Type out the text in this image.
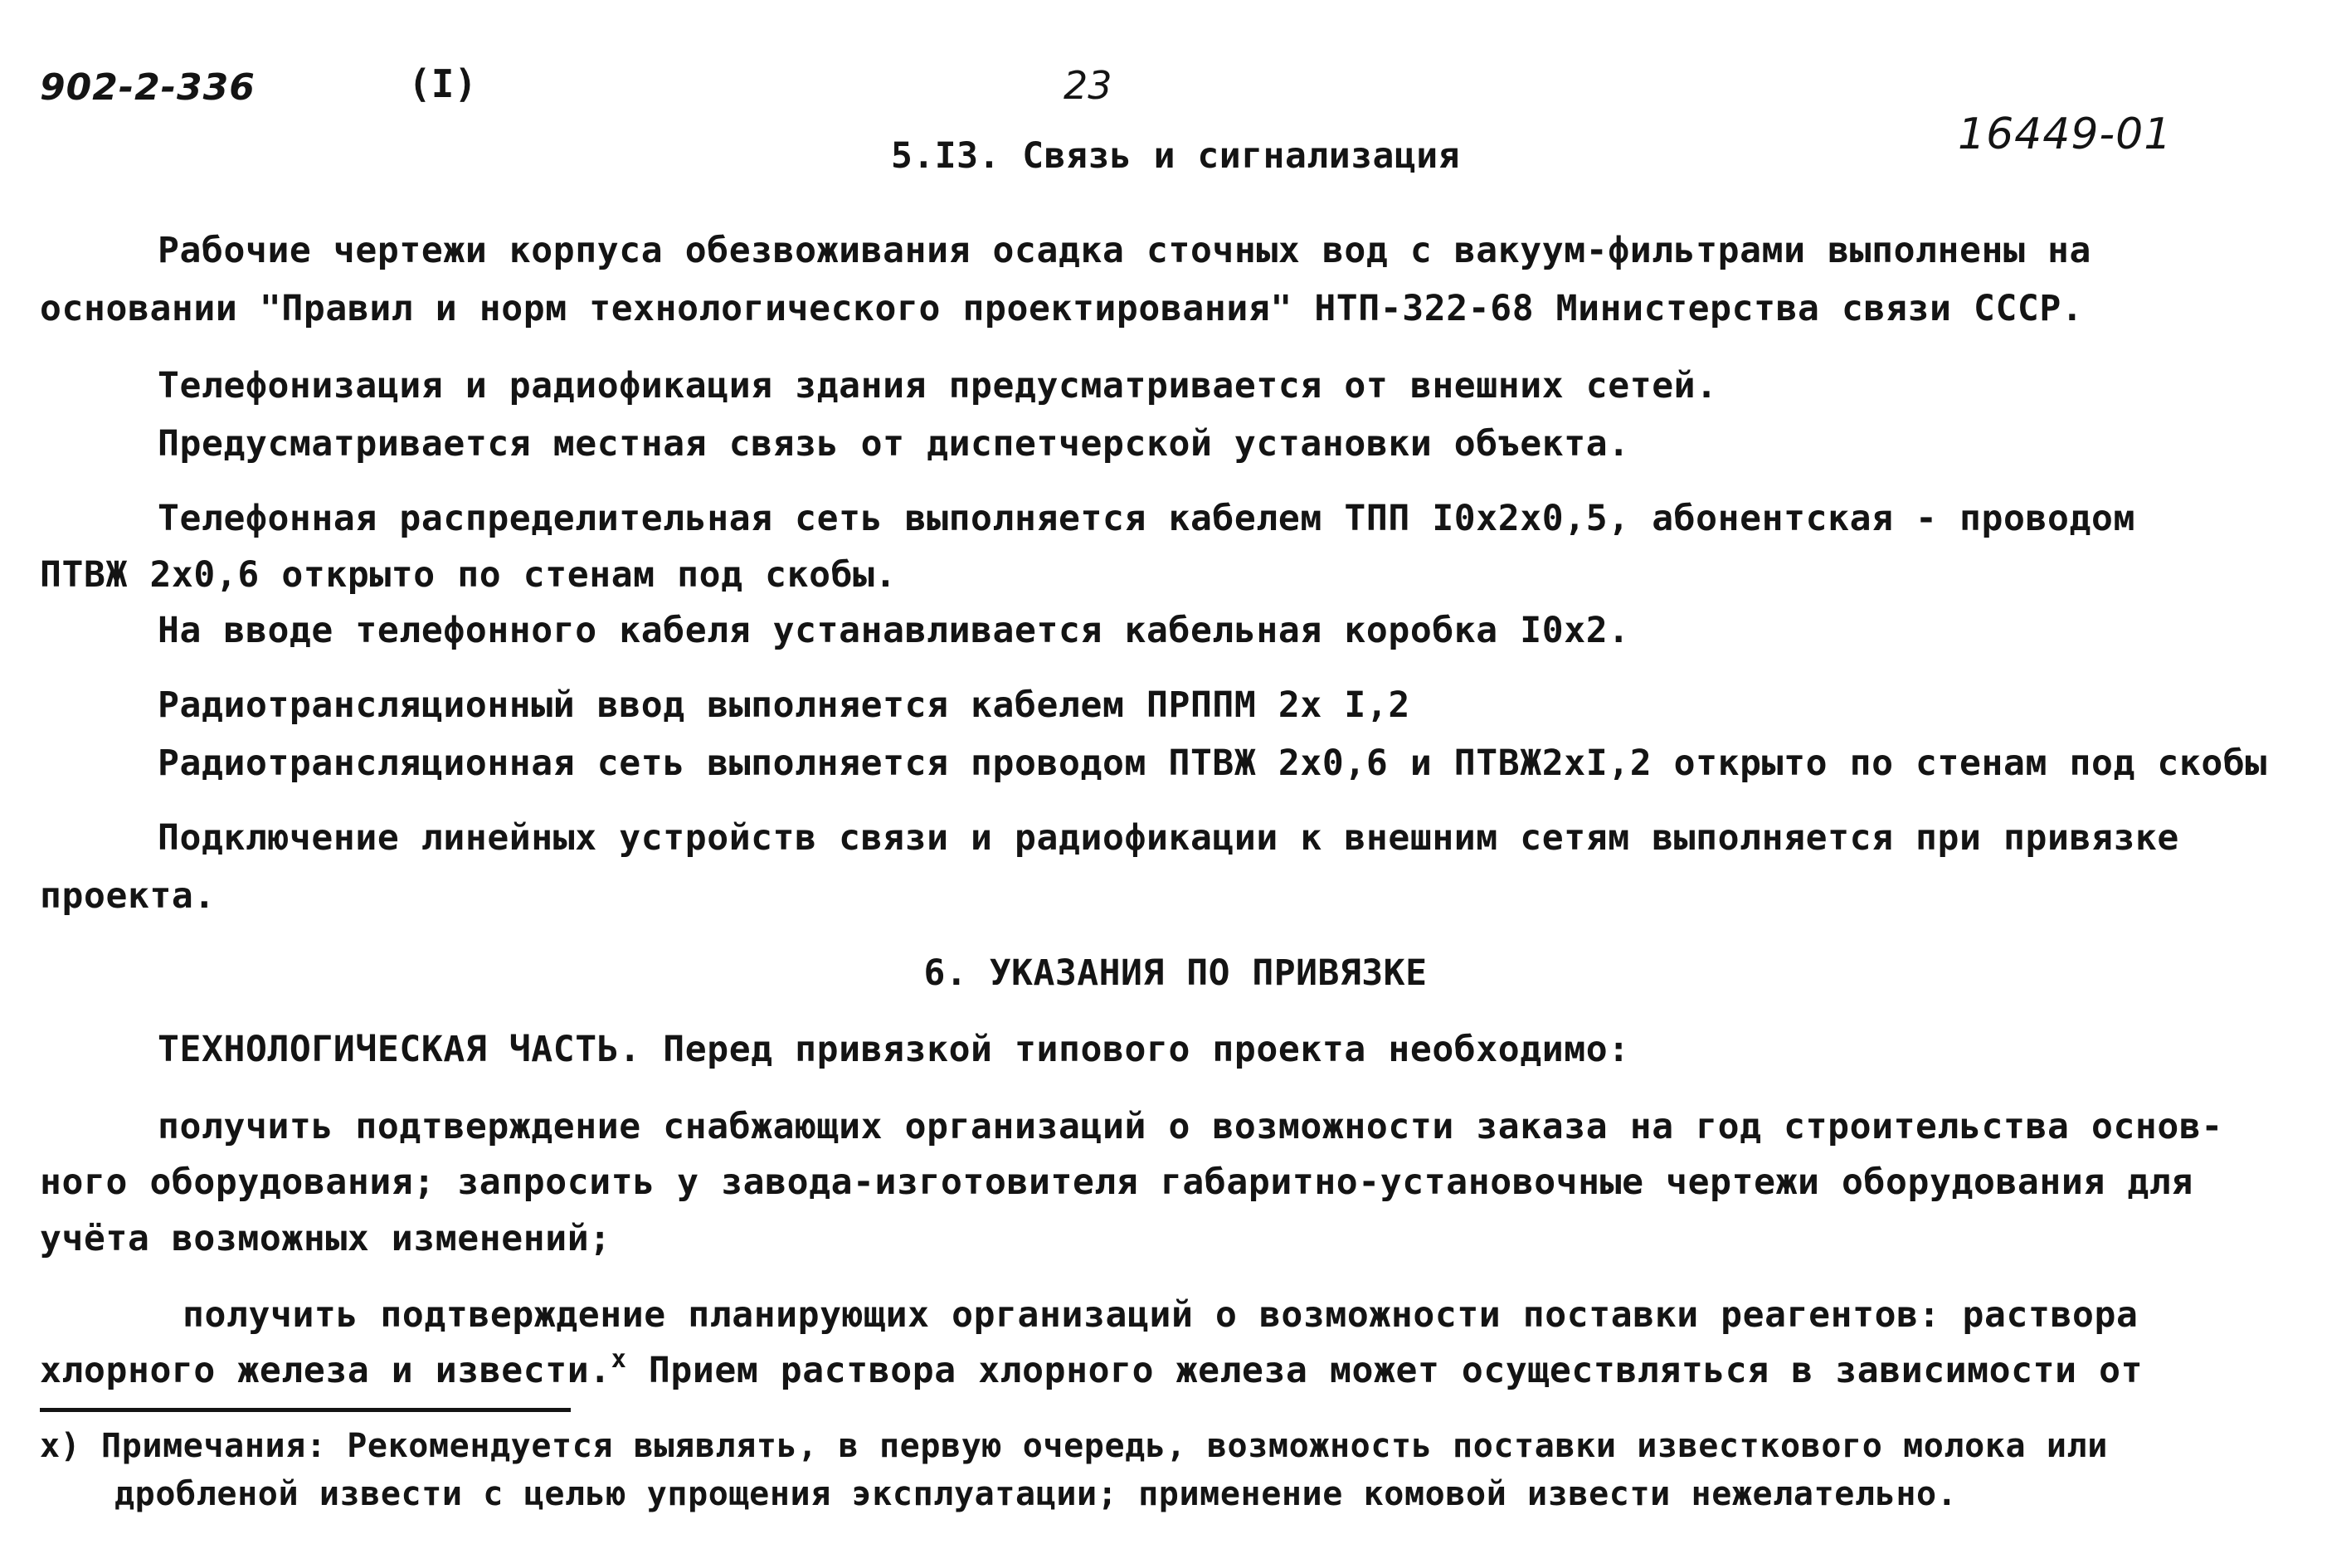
902-2-336	(I)	23
16449-01
5.I3. Связь и сигнализация
Рабочие чертежи корпуса обезвоживания осадка сточных вод с вакуум-фильтрами выполнены на
основании "Правил и норм технологического проектирования" НТП-322-68 Министерства связи СССР.
Телефонизация и радиофикация здания предусматривается от внешних сетей.
Предусматривается местная связь от диспетчерской установки объекта.
Телефонная распределительная сеть выполняется кабелем ТПП I0х2х0,5, абонентская - проводом
ПТВЖ 2х0,6 открыто по стенам под скобы.
На вводе телефонного кабеля устанавливается кабельная коробка I0х2.
Радиотрансляционный ввод выполняется кабелем ПРППМ 2х I,2
Радиотрансляционная сеть выполняется проводом ПТВЖ 2х0,6 и ПТВЖ2хI,2 открыто по стенам под скобы
Подключение линейных устройств связи и радиофикации к внешним сетям выполняется при привязке
проекта.
6. УКАЗАНИЯ ПО ПРИВЯЗКЕ
ТЕХНОЛОГИЧЕСКАЯ ЧАСТЬ. Перед привязкой типового проекта необходимо:
получить подтверждение снабжающих организаций о возможности заказа на год строительства основ-
ного оборудования; запросить у завода-изготовителя габаритно-установочные чертежи оборудования для
учёта возможных изменений;
получить подтверждение планирующих организаций о возможности поставки реагентов: раствора
хлорного железа и извести.$^x$ Прием раствора хлорного железа может осуществляться в зависимости от
x) Примечания: Рекомендуется выявлять, в первую очередь, возможность поставки известкового молока или
дробленой извести с целью упрощения эксплуатации; применение комовой извести нежелательно.
